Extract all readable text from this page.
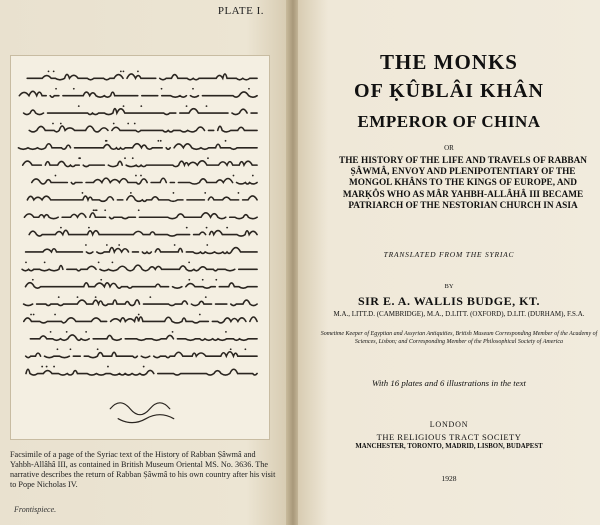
PLATE I.
Facsimile of a page of the Syriac text of the History of Rabban Ṣâwmâ and Yahbh-Allâhâ III, as contained in British Museum Oriental MS. No. 3636. The narrative describes the return of Rabban Ṣâwmâ to his own country after his visit to Pope Nicholas IV.
Frontispiece.
THE MONKS
OF ḲÛBLÂI KHÂN
EMPEROR OF CHINA
OR
THE HISTORY OF THE LIFE AND TRAVELS OF RABBAN ṢÂWMÂ, ENVOY AND PLENIPOTENTIARY OF THE MONGOL KHÂNS TO THE KINGS OF EUROPE, AND MARḲÔS WHO AS MÂR YAHBH-ALLÂHÂ III BECAME PATRIARCH OF THE NESTORIAN CHURCH IN ASIA
TRANSLATED FROM THE SYRIAC
BY
SIR E. A. WALLIS BUDGE, KT.
M.A., LITT.D. (CAMBRIDGE), M.A., D.LITT. (OXFORD), D.LIT. (DURHAM), F.S.A.
Sometime Keeper of Egyptian and Assyrian Antiquities, British Museum Corresponding Member of the Academy of Sciences, Lisbon; and Corresponding Member of the Philosophical Society of America
With 16 plates and 6 illustrations in the text
LONDON
THE RELIGIOUS TRACT SOCIETY
MANCHESTER, TORONTO, MADRID, LISBON, BUDAPEST
1928
